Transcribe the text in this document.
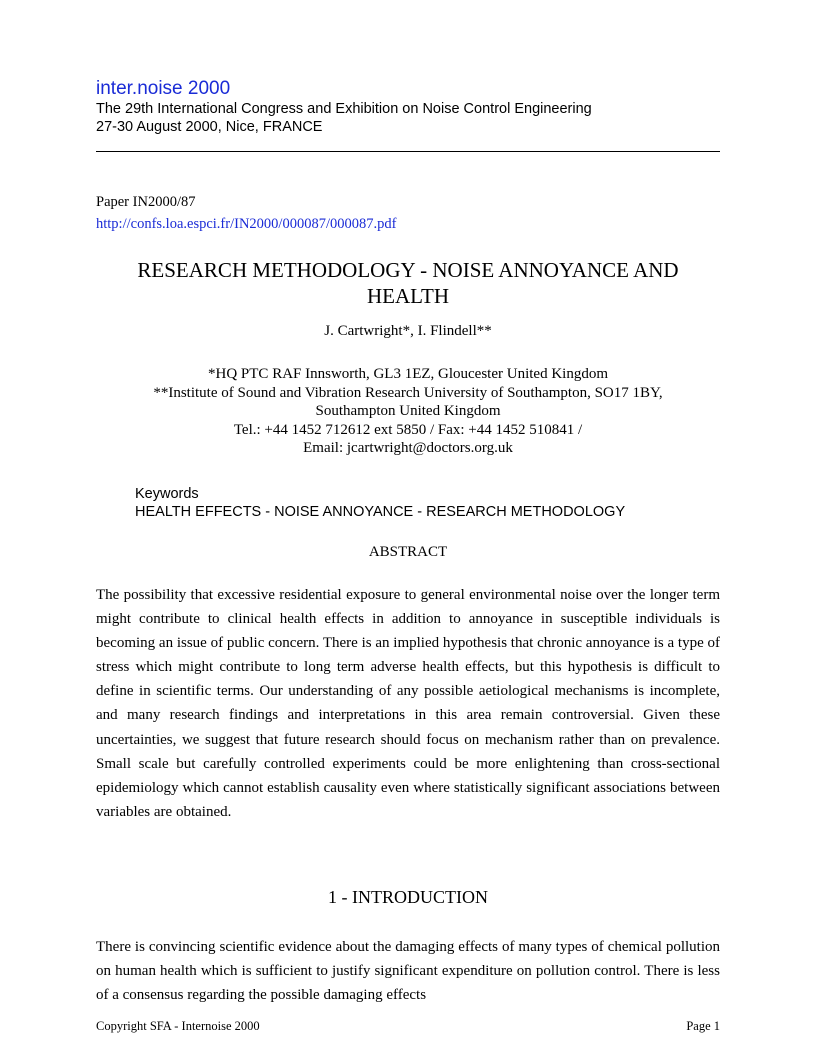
inter.noise 2000
The 29th International Congress and Exhibition on Noise Control Engineering
27-30 August 2000, Nice, FRANCE
Paper IN2000/87
http://confs.loa.espci.fr/IN2000/000087/000087.pdf
RESEARCH METHODOLOGY - NOISE ANNOYANCE AND HEALTH
J. Cartwright*, I. Flindell**
*HQ PTC RAF Innsworth, GL3 1EZ, Gloucester United Kingdom
**Institute of Sound and Vibration Research University of Southampton, SO17 1BY,
Southampton United Kingdom
Tel.: +44 1452 712612 ext 5850 / Fax: +44 1452 510841 /
Email: jcartwright@doctors.org.uk
Keywords
HEALTH EFFECTS - NOISE ANNOYANCE - RESEARCH METHODOLOGY
ABSTRACT

The possibility that excessive residential exposure to general environmental noise over the longer term might contribute to clinical health effects in addition to annoyance in susceptible individuals is becoming an issue of public concern. There is an implied hypothesis that chronic annoyance is a type of stress which might contribute to long term adverse health effects, but this hypothesis is difficult to define in scientific terms. Our understanding of any possible aetiological mechanisms is incomplete, and many research findings and interpretations in this area remain controversial. Given these uncertainties, we suggest that future research should focus on mechanism rather than on prevalence. Small scale but carefully controlled experiments could be more enlightening than cross-sectional epidemiology which cannot establish causality even where statistically significant associations between variables are obtained.

1 - INTRODUCTION

There is convincing scientific evidence about the damaging effects of many types of chemical pollution on human health which is sufficient to justify significant expenditure on pollution control. There is less of a consensus regarding the possible damaging effects

Copyright SFA - Internoise 2000	Page 1
